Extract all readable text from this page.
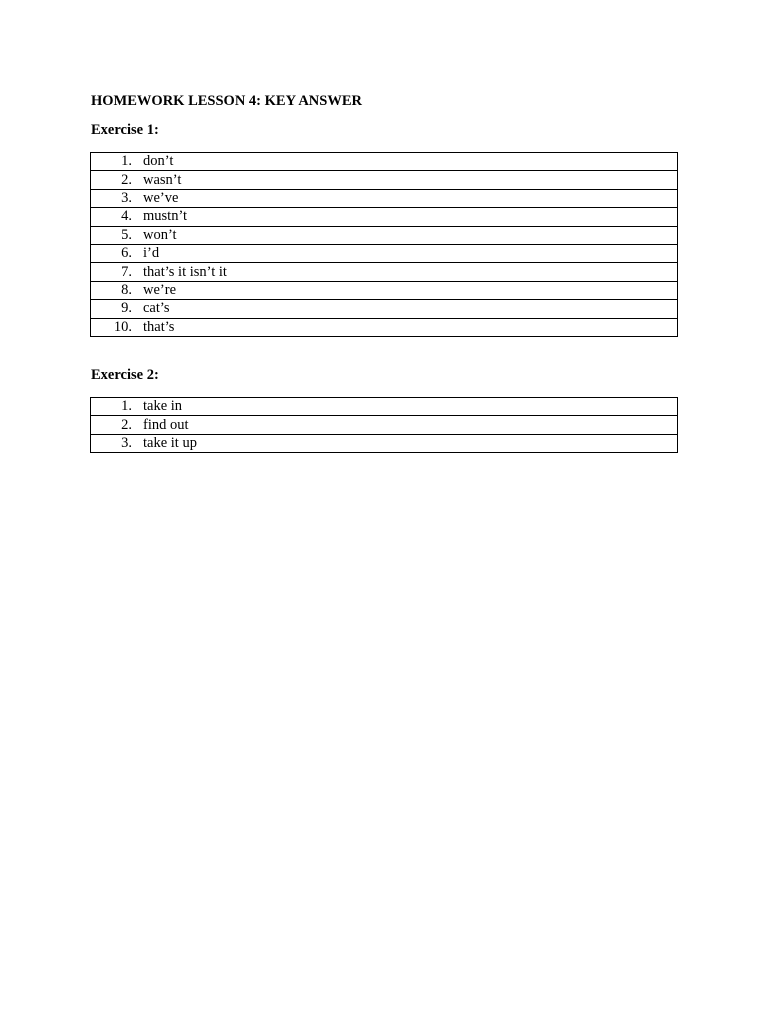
HOMEWORK LESSON 4: KEY ANSWER
Exercise 1:
1. don’t
2. wasn’t
3. we’ve
4. mustn’t
5. won’t
6. i’d
7. that’s it isn’t it
8. we’re
9. cat’s
10. that’s
Exercise 2:
1. take in
2. find out
3. take it up
